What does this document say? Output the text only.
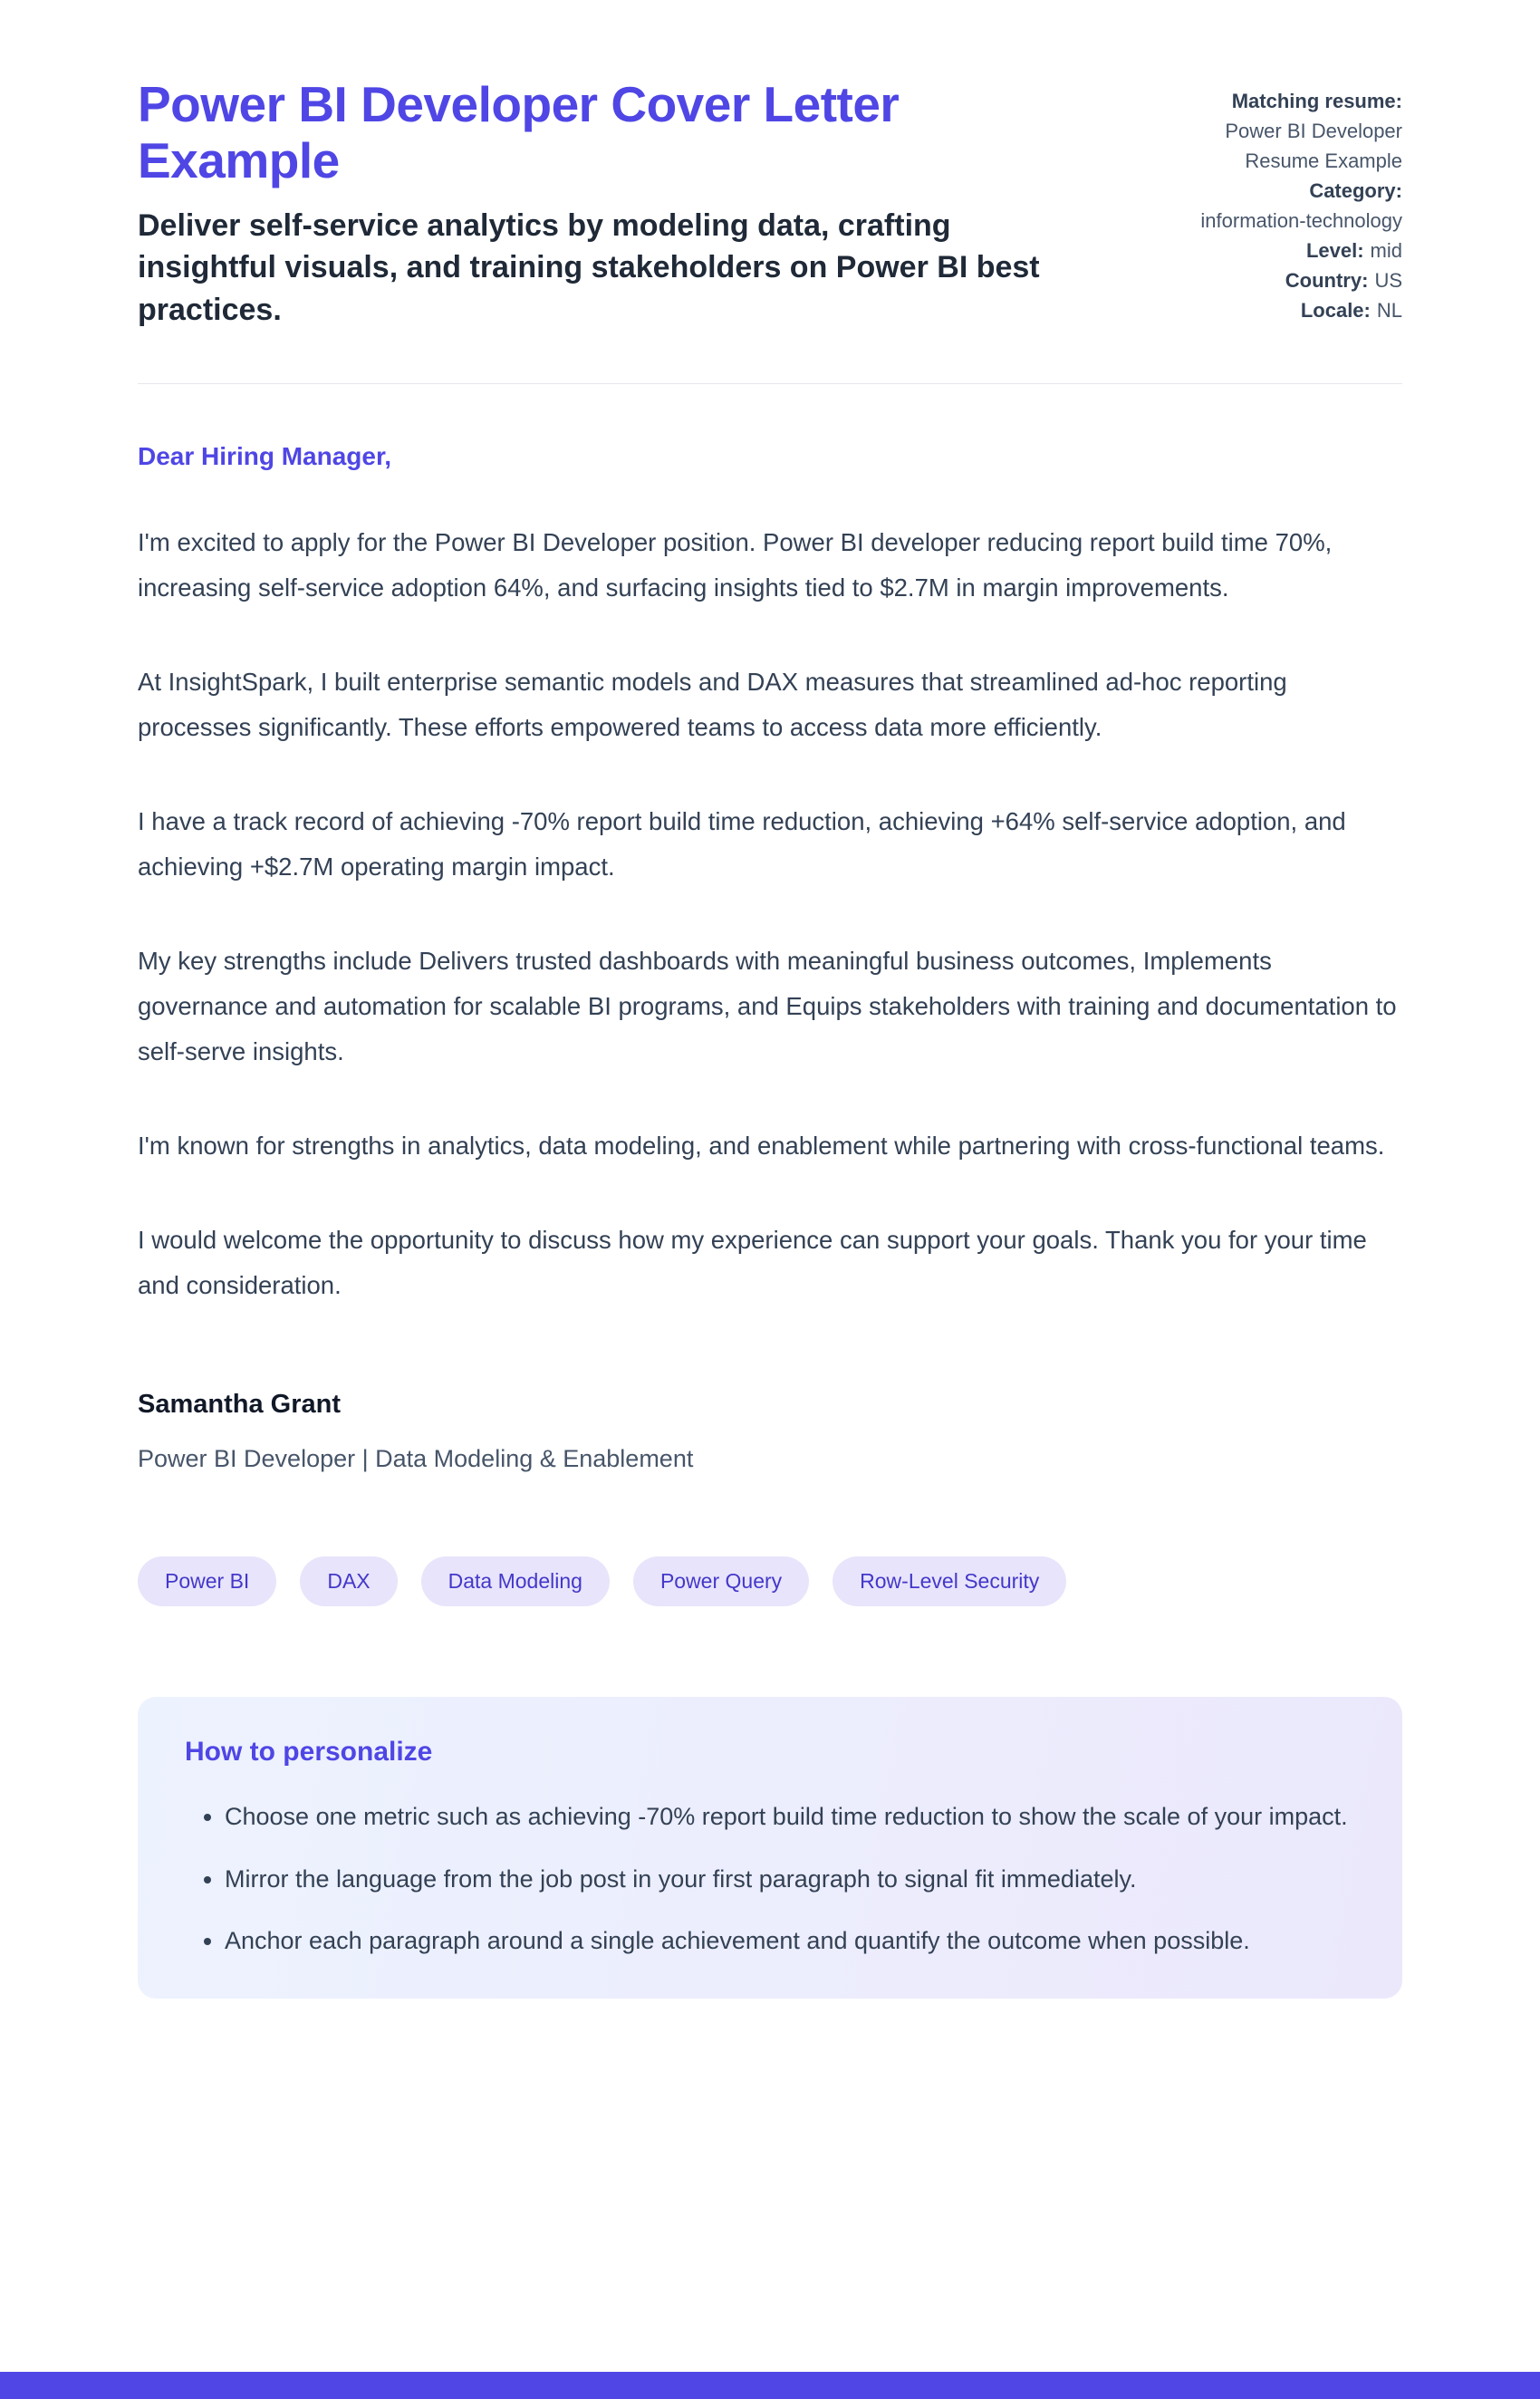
Power BI Developer Cover Letter Example

Deliver self-service analytics by modeling data, crafting insightful visuals, and training stakeholders on Power BI best practices.

Matching resume:
Power BI Developer Resume Example
Category:
information-technology
Level: mid
Country: US
Locale: NL

Dear Hiring Manager,

I'm excited to apply for the Power BI Developer position. Power BI developer reducing report build time 70%, increasing self-service adoption 64%, and surfacing insights tied to $2.7M in margin improvements.

At InsightSpark, I built enterprise semantic models and DAX measures that streamlined ad-hoc reporting processes significantly. These efforts empowered teams to access data more efficiently.

I have a track record of achieving -70% report build time reduction, achieving +64% self-service adoption, and achieving +$2.7M operating margin impact.

My key strengths include Delivers trusted dashboards with meaningful business outcomes, Implements governance and automation for scalable BI programs, and Equips stakeholders with training and documentation to self-serve insights.

I'm known for strengths in analytics, data modeling, and enablement while partnering with cross-functional teams.

I would welcome the opportunity to discuss how my experience can support your goals. Thank you for your time and consideration.

Samantha Grant

Power BI Developer | Data Modeling & Enablement

Power BI	DAX	Data Modeling	Power Query	Row-Level Security
How to personalize
• Choose one metric such as achieving -70% report build time reduction to show the scale of your impact.
• Mirror the language from the job post in your first paragraph to signal fit immediately.
• Anchor each paragraph around a single achievement and quantify the outcome when possible.
